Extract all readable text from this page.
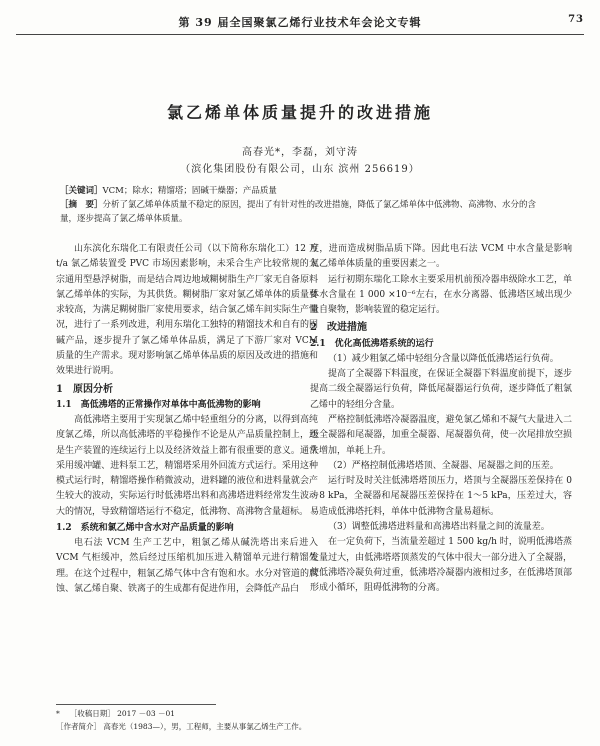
第 39 届全国聚氯乙烯行业技术年会论文专辑	73
氯乙烯单体质量提升的改进措施
高春光*，李磊，刘守涛
（滨化集团股份有限公司，山东 滨州 256619）
［关键词］VCM；除水；精馏塔；固碱干燥器；产品质量
［摘　要］分析了氯乙烯单体质量不稳定的原因，提出了有针对性的改进措施，降低了氯乙烯单体中低沸物、高沸物、水分的含量，逐步提高了氯乙烯单体质量。

山东滨化东瑞化工有限责任公司（以下简称东瑞化工）12 万 t/a 氯乙烯装置受 PVC 市场因素影响，未采合生产比较常规的大宗通用型悬浮树脂，而是结合周边地域糊树脂生产厂家无自备原料氯乙烯单体的实际，为其供货。糊树脂厂家对氯乙烯单体的质量要求较高，为满足糊树脂厂家使用要求，结合氯乙烯车间实际生产情况，进行了一系列改进，利用东瑞化工独特的精馏技术和自有的固碱产品，逐步提升了氯乙烯单体品质，满足了下游厂家对 VCM 质量的生产需求。现对影响氯乙烯单体品质的原因及改进的措施和效果进行说明。

1　原因分析
1.1　高低沸塔的正常操作对单体中高低沸物的影响

高低沸塔主要用于实现氯乙烯中轻重组分的分离，以得到高纯度氯乙烯，所以高低沸塔的平稳操作不论是从产品质量控制上，还是生产装置的连续运行上以及经济效益上都有很重要的意义。通常采用缓冲罐、进料泵工艺，精馏塔采用外回流方式运行。采用这种模式运行时，精馏塔操作稍微波动，进料罐的液位和进料量就会产生较大的波动，实际运行时低沸塔出料和高沸塔进料经常发生波动大的情况，导致精馏塔运行不稳定，低沸物、高沸物含量超标。

1.2　系统和氯乙烯中含水对产品质量的影响

电石法 VCM 生产工艺中，粗氯乙烯从碱洗塔出来后进入 VCM 气柜缓冲，然后经过压缩机加压进入精馏单元进行精馏处理。在这个过程中，粗氯乙烯气体中含有饱和水。水分对管道的腐蚀、氯乙烯自聚、铁离子的生成都有促进作用，会降低产品白

度，进而造成树脂品质下降。因此电石法 VCM 中水含量是影响氯乙烯单体质量的重要因素之一。

运行初期东瑞化工除水主要采用机前预冷器串级除水工艺，单体水含量在 1 000 ×10⁻⁶左右，在水分离器、低沸塔区域出现少量自聚物，影响装置的稳定运行。

2　改进措施
2.1　优化高低沸塔系统的运行

（1）减少粗氯乙烯中轻组分含量以降低低沸塔运行负荷。

提高了全凝器下料温度，在保证全凝器下料温度前提下，逐步提高二级全凝器运行负荷，降低尾凝器运行负荷，逐步降低了粗氯乙烯中的轻组分含量。

严格控制低沸塔冷凝器温度，避免氯乙烯和不凝气大量进入二级全凝器和尾凝器，加重全凝器、尾凝器负荷，使一次尾排放空损失增加，单耗上升。

（2）严格控制低沸塔塔顶、全凝器、尾凝器之间的压差。

运行时及时关注低沸塔塔顶压力，塔顶与全凝器压差保持在 0～8 kPa，全凝器和尾凝器压差保持在 1～5 kPa，压差过大，容易造成低沸塔托料，单体中低沸物含量易超标。

（3）调整低沸塔进料量和高沸塔出料量之间的流量差。

在一定负荷下，当流量差超过 1 500 kg/h 时，说明低沸塔蒸发量过大，由低沸塔塔顶蒸发的气体中很大一部分进入了全凝器，使低沸塔冷凝负荷过重，低沸塔冷凝器内液相过多，在低沸塔顶部形成小循环，阻碍低沸物的分离。

* ［收稿日期］ 2017 －03 －01
［作者简介］ 高春光（1983—），男，工程师，主要从事氯乙烯生产工作。
